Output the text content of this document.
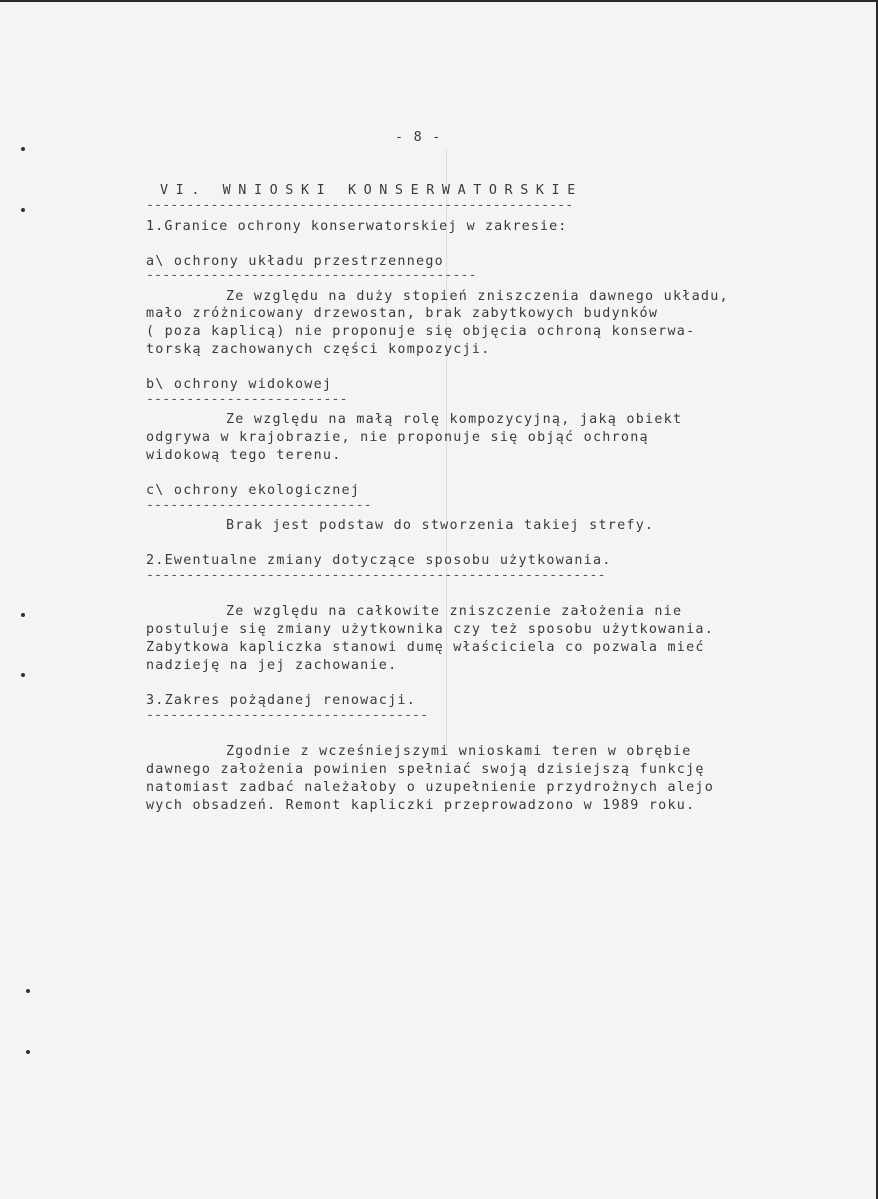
- 8 -
VI. WNIOSKI KONSERWATORSKIE
-----------------------------------------------------
1.Granice ochrony konserwatorskiej w zakresie:
a\ ochrony układu przestrzennego
-----------------------------------------
Ze względu na duży stopień zniszczenia dawnego układu,
mało zróżnicowany drzewostan, brak zabytkowych budynków
( poza kaplicą) nie proponuje się objęcia ochroną konserwa-
torską zachowanych części kompozycji.
b\ ochrony widokowej
-------------------------
Ze względu na małą rolę kompozycyjną, jaką obiekt
odgrywa w krajobrazie, nie proponuje się objąć ochroną
widokową tego terenu.
c\ ochrony ekologicznej
----------------------------
Brak jest podstaw do stworzenia takiej strefy.
2.Ewentualne zmiany dotyczące sposobu użytkowania.
---------------------------------------------------------
Ze względu na całkowite zniszczenie założenia nie
postuluje się zmiany użytkownika czy też sposobu użytkowania.
Zabytkowa kapliczka stanowi dumę właściciela co pozwala mieć
nadzieję na jej zachowanie.
3.Zakres pożądanej renowacji.
-----------------------------------
Zgodnie z wcześniejszymi wnioskami teren w obrębie
dawnego założenia powinien spełniać swoją dzisiejszą funkcję
natomiast zadbać należałoby o uzupełnienie przydrożnych alejo
wych obsadzeń. Remont kapliczki przeprowadzono w 1989 roku.
